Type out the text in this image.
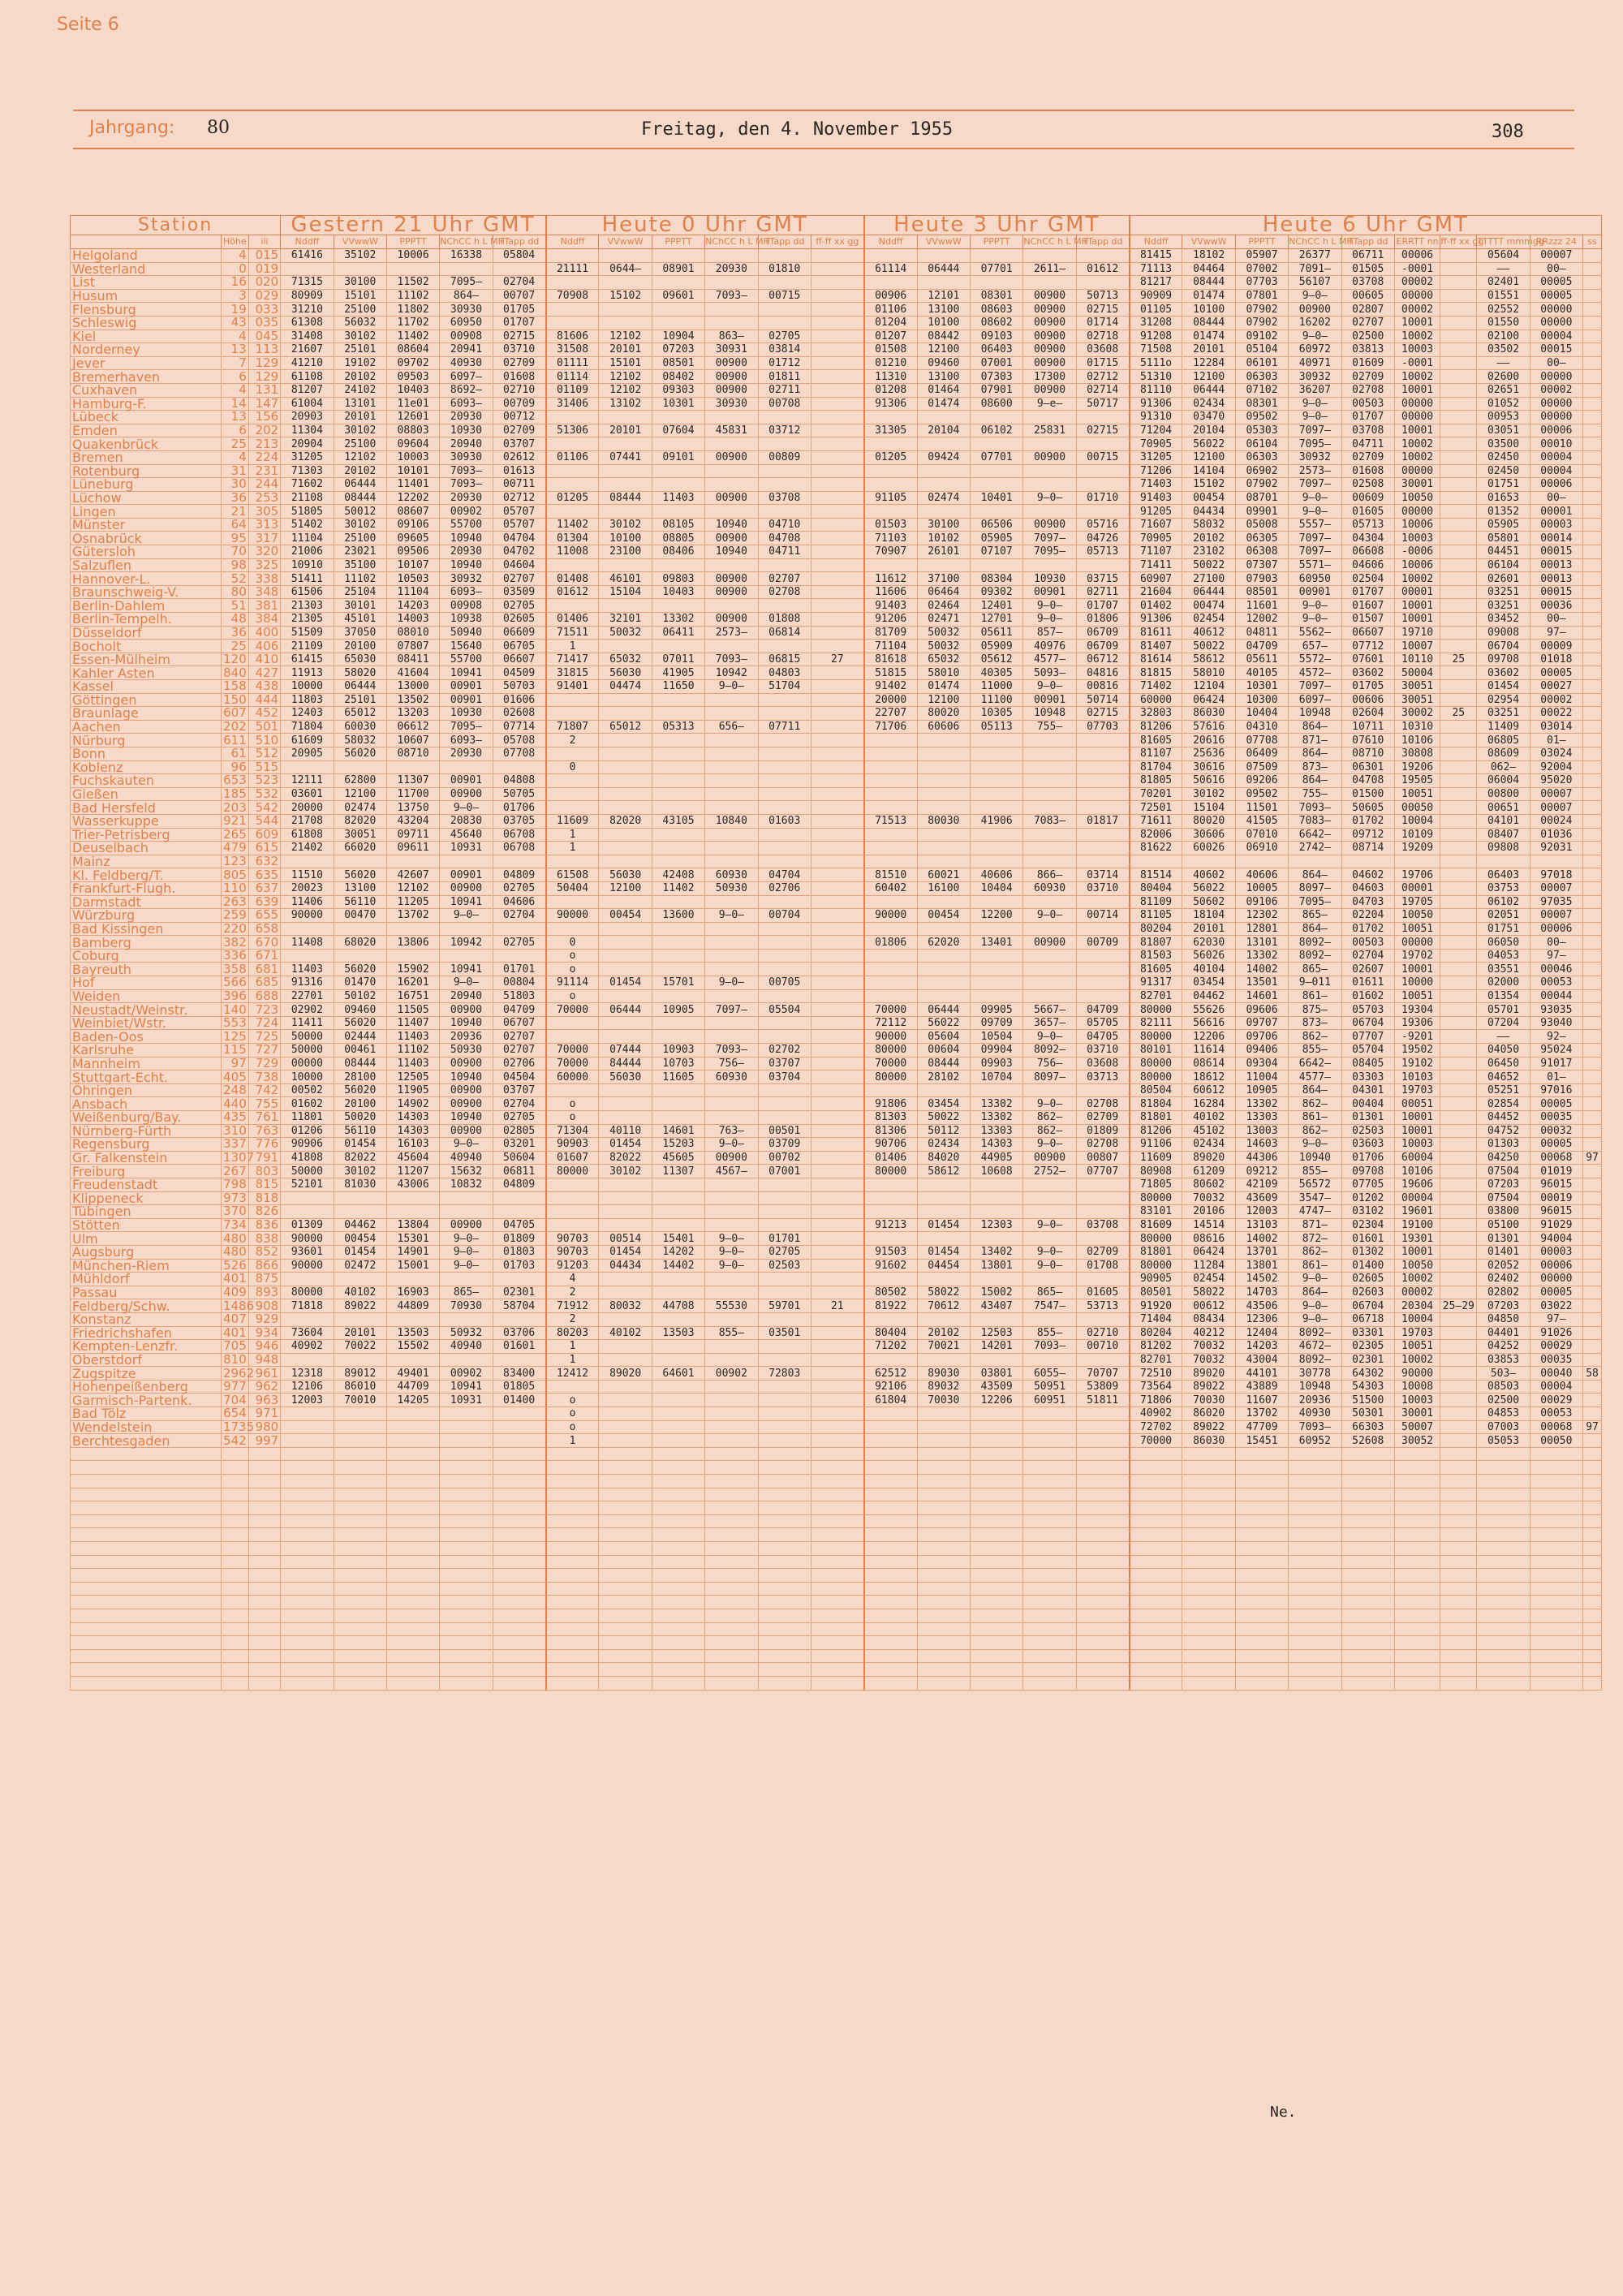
Seite 6
Jahrgang: 80	Freitag, den 4. November 1955	308
Station			Gestern 21 Uhr GMT					Heute 0 Uhr GMT						Heute 3 Uhr GMT					Heute 6 Uhr GMT									
	Höhe	iii	Nddff	VVwwW	PPPTT	NChCC h L MH	TTapp dd	Nddff	VVwwW	PPPTT	NChCC h L MH	TTapp dd	ff-ff xx gg	Nddff	VVwwW	PPPTT	NChCC h L MH	TTapp dd	Nddff	VVwwW	PPPTT	NChCC h L MH	TTapp dd	ERRTT nn	ff-ff xx gg	TTTTT mmmgg	RRzzz 24	ss
Helgoland	4	015	61416	35102	10006	16338	05804												81415	18102	05907	26377	06711	00006		05604	00007	
Westerland	0	019						21111	0644—	08901	20930	01810		61114	06444	07701	2611—	01612	71113	04464	07002	7091—	01505	-0001		——	00—	
List	16	020	71315	30100	11502	7095—	02704												81217	08444	07703	56107	03708	00002		02401	00005	
Husum	3	029	80909	15101	11102	864—	00707	70908	15102	09601	7093—	00715		00906	12101	08301	00900	50713	90909	01474	07801	9—0—	00605	00000		01551	00005	
Flensburg	19	033	31210	25100	11802	30930	01705							01106	13100	08603	00900	02715	01105	10100	07902	00900	02807	00002		02552	00000	
Schleswig	43	035	61308	56032	11702	60950	01707							01204	10100	08602	00900	01714	31208	08444	07902	16202	02707	10001		01550	00000	
Kiel	4	045	31408	30102	11402	00908	02715	81606	12102	10904	863—	02705		01207	08442	09103	00900	02718	91208	01474	09102	9—0—	02500	10002		02100	00004	
Norderney	13	113	21607	25101	08604	20941	03710	31508	20101	07203	30931	03814		01508	12100	06403	00900	03608	71508	20101	05104	60972	03813	10003		03502	00015	
Jever	7	129	41210	19102	09702	40930	02709	01111	15101	08501	00900	01712		01210	09460	07001	00900	01715	5111o	12284	06101	40971	01609	-0001		——	00—	
Bremerhaven	6	129	61108	20102	09503	6097—	01608	01114	12102	08402	00900	01811		11310	13100	07303	17300	02712	51310	12100	06303	30932	02709	10002		02600	00000	
Cuxhaven	4	131	81207	24102	10403	8692—	02710	01109	12102	09303	00900	02711		01208	01464	07901	00900	02714	81110	06444	07102	36207	02708	10001		02651	00002	
Hamburg-F.	14	147	61004	13101	11e01	6093—	00709	31406	13102	10301	30930	00708		91306	01474	08600	9—e—	50717	91306	02434	08301	9—0—	00503	00000		01052	00000	
Lübeck	13	156	20903	20101	12601	20930	00712												91310	03470	09502	9—0—	01707	00000		00953	00000	
Emden	6	202	11304	30102	08803	10930	02709	51306	20101	07604	45831	03712		31305	20104	06102	25831	02715	71204	20104	05303	7097—	03708	10001		03051	00006	
Quakenbrück	25	213	20904	25100	09604	20940	03707												70905	56022	06104	7095—	04711	10002		03500	00010	
Bremen	4	224	31205	12102	10003	30930	02612	01106	07441	09101	00900	00809		01205	09424	07701	00900	00715	31205	12100	06303	30932	02709	10002		02450	00004	
Rotenburg	31	231	71303	20102	10101	7093—	01613												71206	14104	06902	2573—	01608	00000		02450	00004	
Lüneburg	30	244	71602	06444	11401	7093—	00711												71403	15102	07902	7097—	02508	30001		01751	00006	
Lüchow	36	253	21108	08444	12202	20930	02712	01205	08444	11403	00900	03708		91105	02474	10401	9—0—	01710	91403	00454	08701	9—0—	00609	10050		01653	00—	
Lingen	21	305	51805	50012	08607	00902	05707												91205	04434	09901	9—0—	01605	00000		01352	00001	
Münster	64	313	51402	30102	09106	55700	05707	11402	30102	08105	10940	04710		01503	30100	06506	00900	05716	71607	58032	05008	5557—	05713	10006		05905	00003	
Osnabrück	95	317	11104	25100	09605	10940	04704	01304	10100	08805	00900	04708		71103	10102	05905	7097—	04726	70905	20102	06305	7097—	04304	10003		05801	00014	
Gütersloh	70	320	21006	23021	09506	20930	04702	11008	23100	08406	10940	04711		70907	26101	07107	7095—	05713	71107	23102	06308	7097—	06608	-0006		04451	00015	
Salzuflen	98	325	10910	35100	10107	10940	04604												71411	50022	07307	5571—	04606	10006		06104	00013	
Hannover-L.	52	338	51411	11102	10503	30932	02707	01408	46101	09803	00900	02707		11612	37100	08304	10930	03715	60907	27100	07903	60950	02504	10002		02601	00013	
Braunschweig-V.	80	348	61506	25104	11104	6093—	03509	01612	15104	10403	00900	02708		11606	06464	09302	00901	02711	21604	06444	08501	00901	01707	00001		03251	00015	
Berlin-Dahlem	51	381	21303	30101	14203	00908	02705							91403	02464	12401	9—0—	01707	01402	00474	11601	9—0—	01607	10001		03251	00036	
Berlin-Tempelh.	48	384	21305	45101	14003	10938	02605	01406	32101	13302	00900	01808		91206	02471	12701	9—0—	01806	91306	02454	12002	9—0—	01507	10001		03452	00—	
Düsseldorf	36	400	51509	37050	08010	50940	06609	71511	50032	06411	2573—	06814		81709	50032	05611	857—	06709	81611	40612	04811	5562—	06607	19710		09008	97—	
Bocholt	25	406	21109	20100	07807	15640	06705	1						71104	50032	05909	40976	06709	81407	50022	04709	657—	07712	10007		06704	00009	
Essen-Mülheim	120	410	61415	65030	08411	55700	06607	71417	65032	07011	7093—	06815	27	81618	65032	05612	4577—	06712	81614	58612	05611	5572—	07601	10110	25	09708	01018	
Kahler Asten	840	427	11913	58020	41604	10941	04509	31815	56030	41905	10942	04803		51815	58010	40305	5093—	04816	81815	58010	40105	4572—	03602	50004		03602	00005	
Kassel	158	438	10000	06444	13000	00901	50703	91401	04474	11650	9—0—	51704		91402	01474	11000	9—0—	00816	71402	12104	10301	7097—	01705	30051		01454	00027	
Göttingen	150	444	11803	25101	13502	00901	01606							20000	12100	11100	00901	50714	60000	06424	10300	6097—	00606	30051		02954	00002	
Braunlage	607	452	12403	65012	13203	10930	02608							22707	80020	10305	10948	02715	32803	86030	10404	10948	02604	30002	25	03251	00022	
Aachen	202	501	71804	60030	06612	7095—	07714	71807	65012	05313	656—	07711		71706	60606	05113	755—	07703	81206	57616	04310	864—	10711	10310		11409	03014	
Nürburg	611	510	61609	58032	10607	6093—	05708	2											81605	20616	07708	871—	07610	10106		06805	01—	
Bonn	61	512	20905	56020	08710	20930	07708												81107	25636	06409	864—	08710	30808		08609	03024	
Koblenz	96	515						0											81704	30616	07509	873—	06301	19206		062—	92004	
Fuchskauten	653	523	12111	62800	11307	00901	04808												81805	50616	09206	864—	04708	19505		06004	95020	
Gießen	185	532	03601	12100	11700	00900	50705												70201	30102	09502	755—	01500	10051		00800	00007	
Bad Hersfeld	203	542	20000	02474	13750	9—0—	01706												72501	15104	11501	7093—	50605	00050		00651	00007	
Wasserkuppe	921	544	21708	82020	43204	20830	03705	11609	82020	43105	10840	01603		71513	80030	41906	7083—	01817	71611	80020	41505	7083—	01702	10004		04101	00024	
Trier-Petrisberg	265	609	61808	30051	09711	45640	06708	1											82006	30606	07010	6642—	09712	10109		08407	01036	
Deuselbach	479	615	21402	66020	09611	10931	06708	1											81622	60026	06910	2742—	08714	19209		09808	92031	
Mainz	123	632																										
Kl. Feldberg/T.	805	635	11510	56020	42607	00901	04809	61508	56030	42408	60930	04704		81510	60021	40606	866—	03714	81514	40602	40606	864—	04602	19706		06403	97018	
Frankfurt-Flugh.	110	637	20023	13100	12102	00900	02705	50404	12100	11402	50930	02706		60402	16100	10404	60930	03710	80404	56022	10005	8097—	04603	00001		03753	00007	
Darmstadt	263	639	11406	56110	11205	10941	04606												81109	50602	09106	7095—	04703	19705		06102	97035	
Würzburg	259	655	90000	00470	13702	9—0—	02704	90000	00454	13600	9—0—	00704		90000	00454	12200	9—0—	00714	81105	18104	12302	865—	02204	10050		02051	00007	
Bad Kissingen	220	658																	80204	20101	12801	864—	01702	10051		01751	00006	
Bamberg	382	670	11408	68020	13806	10942	02705	0						01806	62020	13401	00900	00709	81807	62030	13101	8092—	00503	00000		06050	00—	
Coburg	336	671						o											81503	56026	13302	8092—	02704	19702		04053	97—	
Bayreuth	358	681	11403	56020	15902	10941	01701	o											81605	40104	14002	865—	02607	10001		03551	00046	
Hof	566	685	91316	01470	16201	9—0—	00804	91114	01454	15701	9—0—	00705							91317	03454	13501	9—011	01611	10000		02000	00053	
Weiden	396	688	22701	50102	16751	20940	51803	o											82701	04462	14601	861—	01602	10051		01354	00044	
Neustadt/Weinstr.	140	723	02902	09460	11505	00900	04709	70000	06444	10905	7097—	05504		70000	06444	09905	5667—	04709	80000	55626	09606	875—	05703	19304		05701	93035	
Weinbiet/Wstr.	553	724	11411	56020	11407	10940	06707							72112	56022	09709	3657—	05705	82111	56616	09707	873—	06704	19306		07204	93040	
Baden-Oos	125	725	50000	02444	11403	20936	02707							90000	05604	10504	9—0—	04705	80000	12206	09706	862—	07707	-9201		——	92—	
Karlsruhe	115	727	50000	00461	11102	50930	02707	70000	07444	10903	7093—	02702		80000	00604	09904	8092—	03710	80101	11614	09406	855—	05704	19502		04050	95024	
Mannheim	97	729	00000	08444	11403	00900	02706	70000	84444	10703	756—	03707		70000	08444	09903	756—	03608	80000	08614	09304	6642—	08405	19102		06450	91017	
Stuttgart-Echt.	405	738	10000	28100	12505	10940	04504	60000	56030	11605	60930	03704		80000	28102	10704	8097—	03713	80000	18612	11004	4577—	03303	10103		04652	01—	
Öhringen	248	742	00502	56020	11905	00900	03707												80504	60612	10905	864—	04301	19703		05251	97016	
Ansbach	440	755	01602	20100	14902	00900	02704	o						91806	03454	13302	9—0—	02708	81804	16284	13302	862—	00404	00051		02854	00005	
Weißenburg/Bay.	435	761	11801	50020	14303	10940	02705	o						81303	50022	13302	862—	02709	81801	40102	13303	861—	01301	10001		04452	00035	
Nürnberg-Fürth	310	763	01206	56110	14303	00900	02805	71304	40110	14601	763—	00501		81306	50112	13303	862—	01809	81206	45102	13003	862—	02503	10001		04752	00032	
Regensburg	337	776	90906	01454	16103	9—0—	03201	90903	01454	15203	9—0—	03709		90706	02434	14303	9—0—	02708	91106	02434	14603	9—0—	03603	10003		01303	00005	
Gr. Falkenstein	1307	791	41808	82022	45604	40940	50604	01607	82022	45605	00900	00702		01406	84020	44905	00900	00807	11609	89020	44306	10940	01706	60004		04250	00068	97
Freiburg	267	803	50000	30102	11207	15632	06811	80000	30102	11307	4567—	07001		80000	58612	10608	2752—	07707	80908	61209	09212	855—	09708	10106		07504	01019	
Freudenstadt	798	815	52101	81030	43006	10832	04809												71805	80602	42109	56572	07705	19606		07203	96015	
Klippeneck	973	818																	80000	70032	43609	3547—	01202	00004		07504	00019	
Tübingen	370	826																	83101	20106	12003	4747—	03102	19601		03800	96015	
Stötten	734	836	01309	04462	13804	00900	04705							91213	01454	12303	9—0—	03708	81609	14514	13103	871—	02304	19100		05100	91029	
Ulm	480	838	90000	00454	15301	9—0—	01809	90703	00514	15401	9—0—	01701							80000	08616	14002	872—	01601	19301		01301	94004	
Augsburg	480	852	93601	01454	14901	9—0—	01803	90703	01454	14202	9—0—	02705		91503	01454	13402	9—0—	02709	81801	06424	13701	862—	01302	10001		01401	00003	
München-Riem	526	866	90000	02472	15001	9—0—	01703	91203	04434	14402	9—0—	02503		91602	04454	13801	9—0—	01708	80000	11284	13801	861—	01400	10050		02052	00006	
Mühldorf	401	875						4											90905	02454	14502	9—0—	02605	10002		02402	00000	
Passau	409	893	80000	40102	16903	865—	02301	2						80502	58022	15002	865—	01605	80501	58022	14703	864—	02603	00002		02802	00005	
Feldberg/Schw.	1486	908	71818	89022	44809	70930	58704	71912	80032	44708	55530	59701	21	81922	70612	43407	7547—	53713	91920	00612	43506	9—0—	06704	20304	25–29	07203	03022	
Konstanz	407	929						2											71404	08434	12306	9—0—	06718	10004		04850	97—	
Friedrichshafen	401	934	73604	20101	13503	50932	03706	80203	40102	13503	855—	03501		80404	20102	12503	855—	02710	80204	40212	12404	8092—	03301	19703		04401	91026	
Kempten-Lenzfr.	705	946	40902	70022	15502	40940	01601	1						71202	70021	14201	7093—	00710	81202	70032	14203	4672—	02305	10051		04252	00029	
Oberstdorf	810	948						1											82701	70032	43004	8092—	02301	10002		03853	00035	
Zugspitze	2962	961	12318	89012	49401	00902	83400	12412	89020	64601	00902	72803		62512	89030	03801	6055—	70707	72510	89020	44101	30778	64302	90000		503—	00040	58
Hohenpeißenberg	977	962	12106	86010	44709	10941	01805							92106	89032	43509	50951	53809	73564	89022	43889	10948	54303	10008		08503	00004	
Garmisch-Partenk.	704	963	12003	70010	14205	10931	01400	o						61804	70030	12206	60951	51811	71806	70030	11607	20936	51500	10003		02500	00029	
Bad Tölz	654	971						o											40902	86020	13702	40930	50301	30001		04853	00053	
Wendelstein	1735	980						o											72702	89022	47709	7093—	66303	50007		07003	00068	97
Berchtesgaden	542	997						1											70000	86030	15451	60952	52608	30052		05053	00050	

Ne.
